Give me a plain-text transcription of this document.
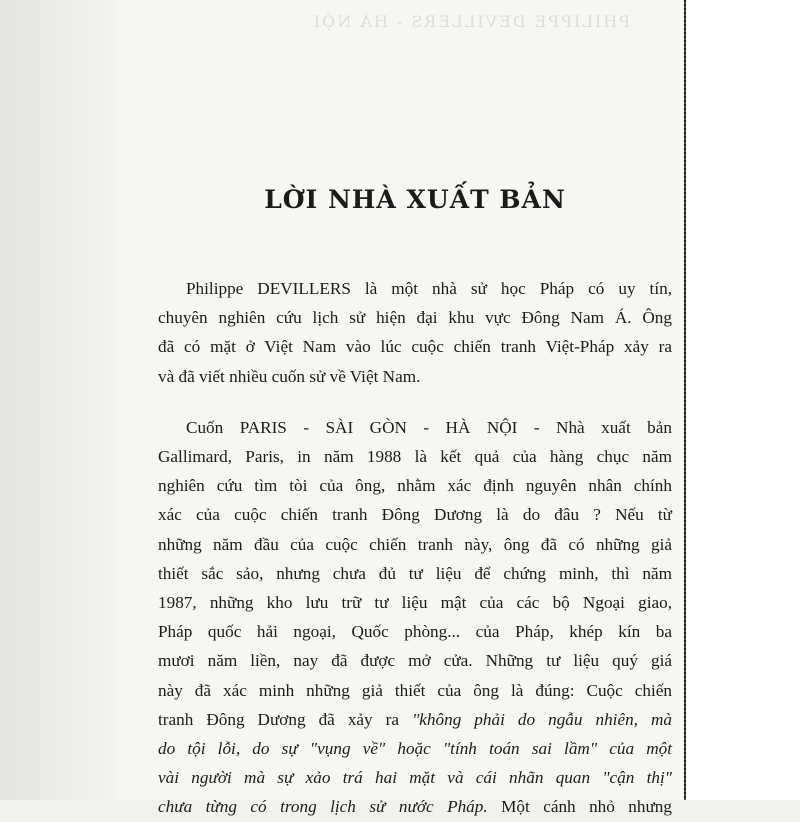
PHILIPPE DEVILLERS - HÀ NỘI
LỜI NHÀ XUẤT BẢN

Philippe DEVILLERS là một nhà sử học Pháp có uy tín,
chuyên nghiên cứu lịch sử hiện đại khu vực Đông Nam Á. Ông
đã có mặt ở Việt Nam vào lúc cuộc chiến tranh Việt-Pháp xảy ra
và đã viết nhiều cuốn sử về Việt Nam.

Cuốn PARIS - SÀI GÒN - HÀ NỘI - Nhà xuất bản
Gallimard, Paris, in năm 1988 là kết quả của hàng chục năm
nghiên cứu tìm tòi của ông, nhằm xác định nguyên nhân chính
xác của cuộc chiến tranh Đông Dương là do đâu ? Nếu từ
những năm đầu của cuộc chiến tranh này, ông đã có những giả
thiết sắc sảo, nhưng chưa đủ tư liệu để chứng minh, thì năm
1987, những kho lưu trữ tư liệu mật của các bộ Ngoại giao,
Pháp quốc hải ngoại, Quốc phòng... của Pháp, khép kín ba
mươi năm liền, nay đã được mở cửa. Những tư liệu quý giá
này đã xác minh những giả thiết của ông là đúng: Cuộc chiến
tranh Đông Dương đã xảy ra "không phải do ngẫu nhiên, mà
do tội lỗi, do sự "vụng về" hoặc "tính toán sai lầm" của một
vài người mà sự xảo trá hai mặt và cái nhãn quan "cận thị"
chưa từng có trong lịch sử nước Pháp. Một cánh nhỏ nhưng
